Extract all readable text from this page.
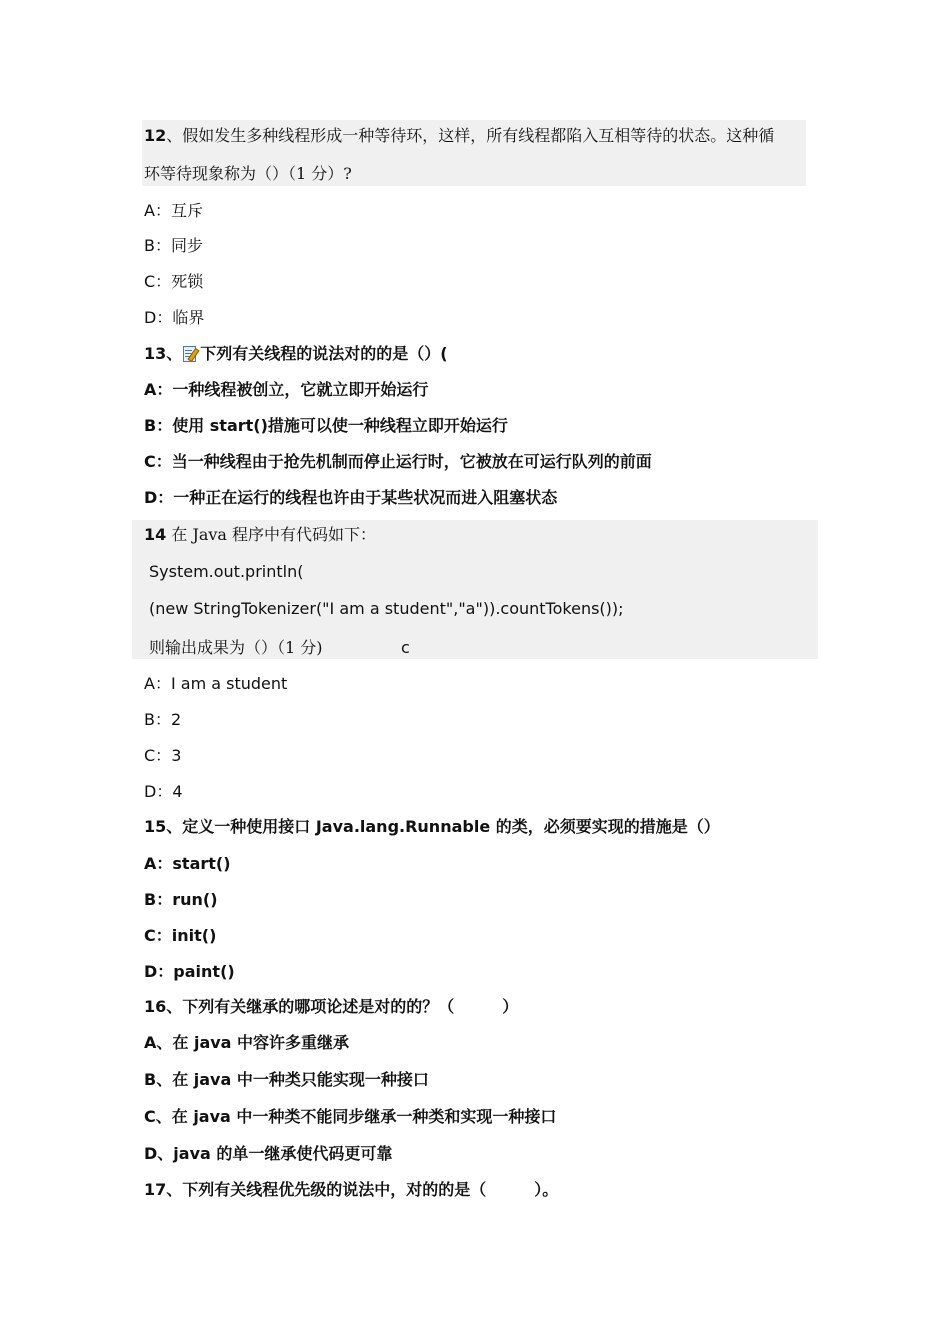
12、假如发生多种线程形成一种等待环，这样，所有线程都陷入互相等待的状态。这种循

环等待现象称为（）（1 分）?

A：互斥

B：同步

C：死锁

D：临界

13、 下列有关线程的说法对的的是（）(

A：一种线程被创立，它就立即开始运行

B：使用 start()措施可以使一种线程立即开始运行

C：当一种线程由于抢先机制而停止运行时，它被放在可运行队列的前面

D：一种正在运行的线程也许由于某些状况而进入阻塞状态

14 在 Java 程序中有代码如下：

System.out.println(

(new StringTokenizer("I am a student","a")).countTokens());

则输出成果为（）（1 分)	c

A：I am a student

B：2

C：3

D：4

15、定义一种使用接口 Java.lang.Runnable 的类，必须要实现的措施是（）

A：start()

B：run()

C：init()

D：paint()

16、下列有关继承的哪项论述是对的的？（　　　）

A、在 java 中容许多重继承

B、在 java 中一种类只能实现一种接口

C、在 java 中一种类不能同步继承一种类和实现一种接口

D、java 的单一继承使代码更可靠

17、下列有关线程优先级的说法中，对的的是（　　　）。
